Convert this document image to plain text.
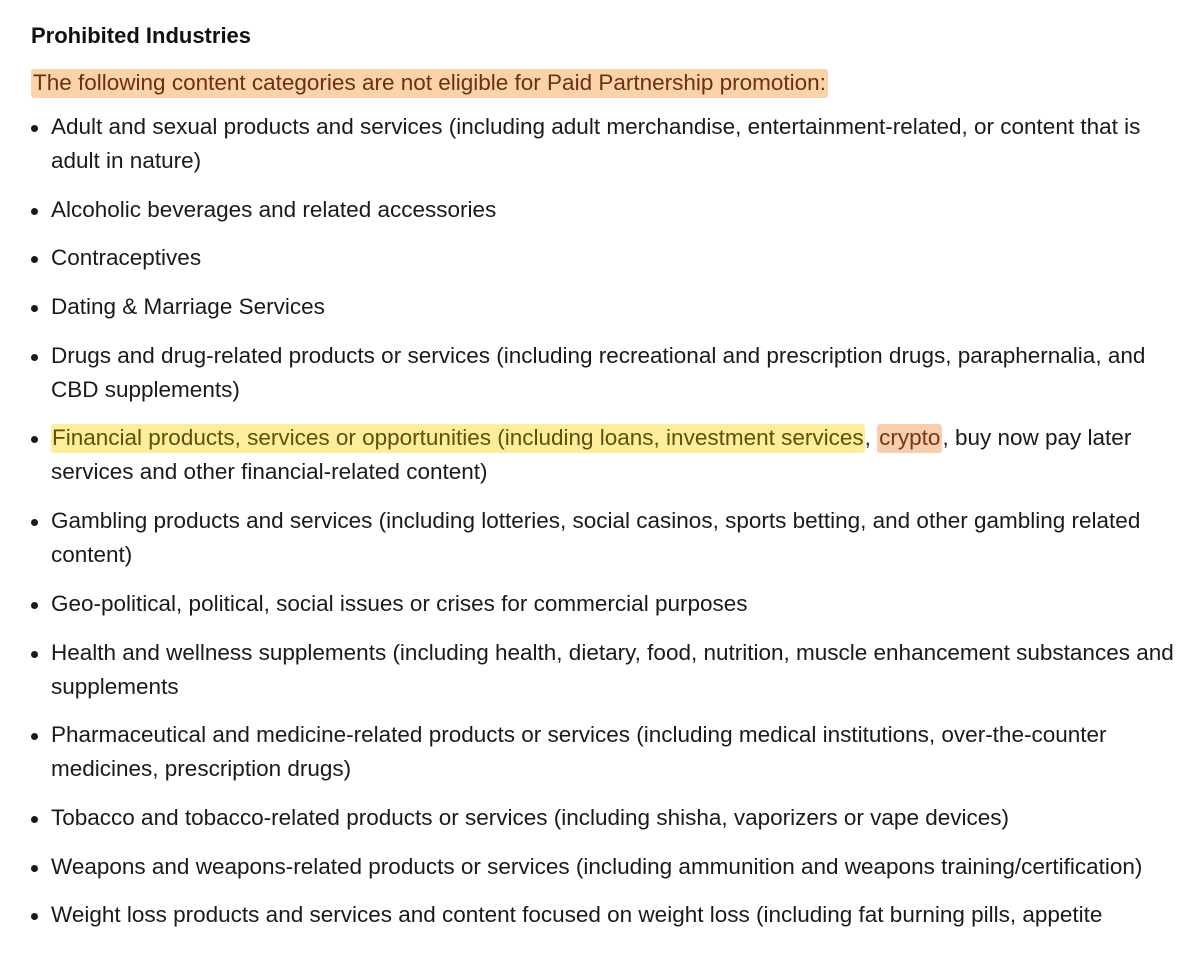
Prohibited Industries
The following content categories are not eligible for Paid Partnership promotion:
Adult and sexual products and services (including adult merchandise, entertainment-related, or content that is adult in nature)
Alcoholic beverages and related accessories
Contraceptives
Dating & Marriage Services
Drugs and drug-related products or services (including recreational and prescription drugs, paraphernalia, and CBD supplements)
Financial products, services or opportunities (including loans, investment services, crypto, buy now pay later services and other financial-related content)
Gambling products and services (including lotteries, social casinos, sports betting, and other gambling related content)
Geo-political, political, social issues or crises for commercial purposes
Health and wellness supplements (including health, dietary, food, nutrition, muscle enhancement substances and supplements
Pharmaceutical and medicine-related products or services (including medical institutions, over-the-counter medicines, prescription drugs)
Tobacco and tobacco-related products or services (including shisha, vaporizers or vape devices)
Weapons and weapons-related products or services (including ammunition and weapons training/certification)
Weight loss products and services and content focused on weight loss (including fat burning pills, appetite
